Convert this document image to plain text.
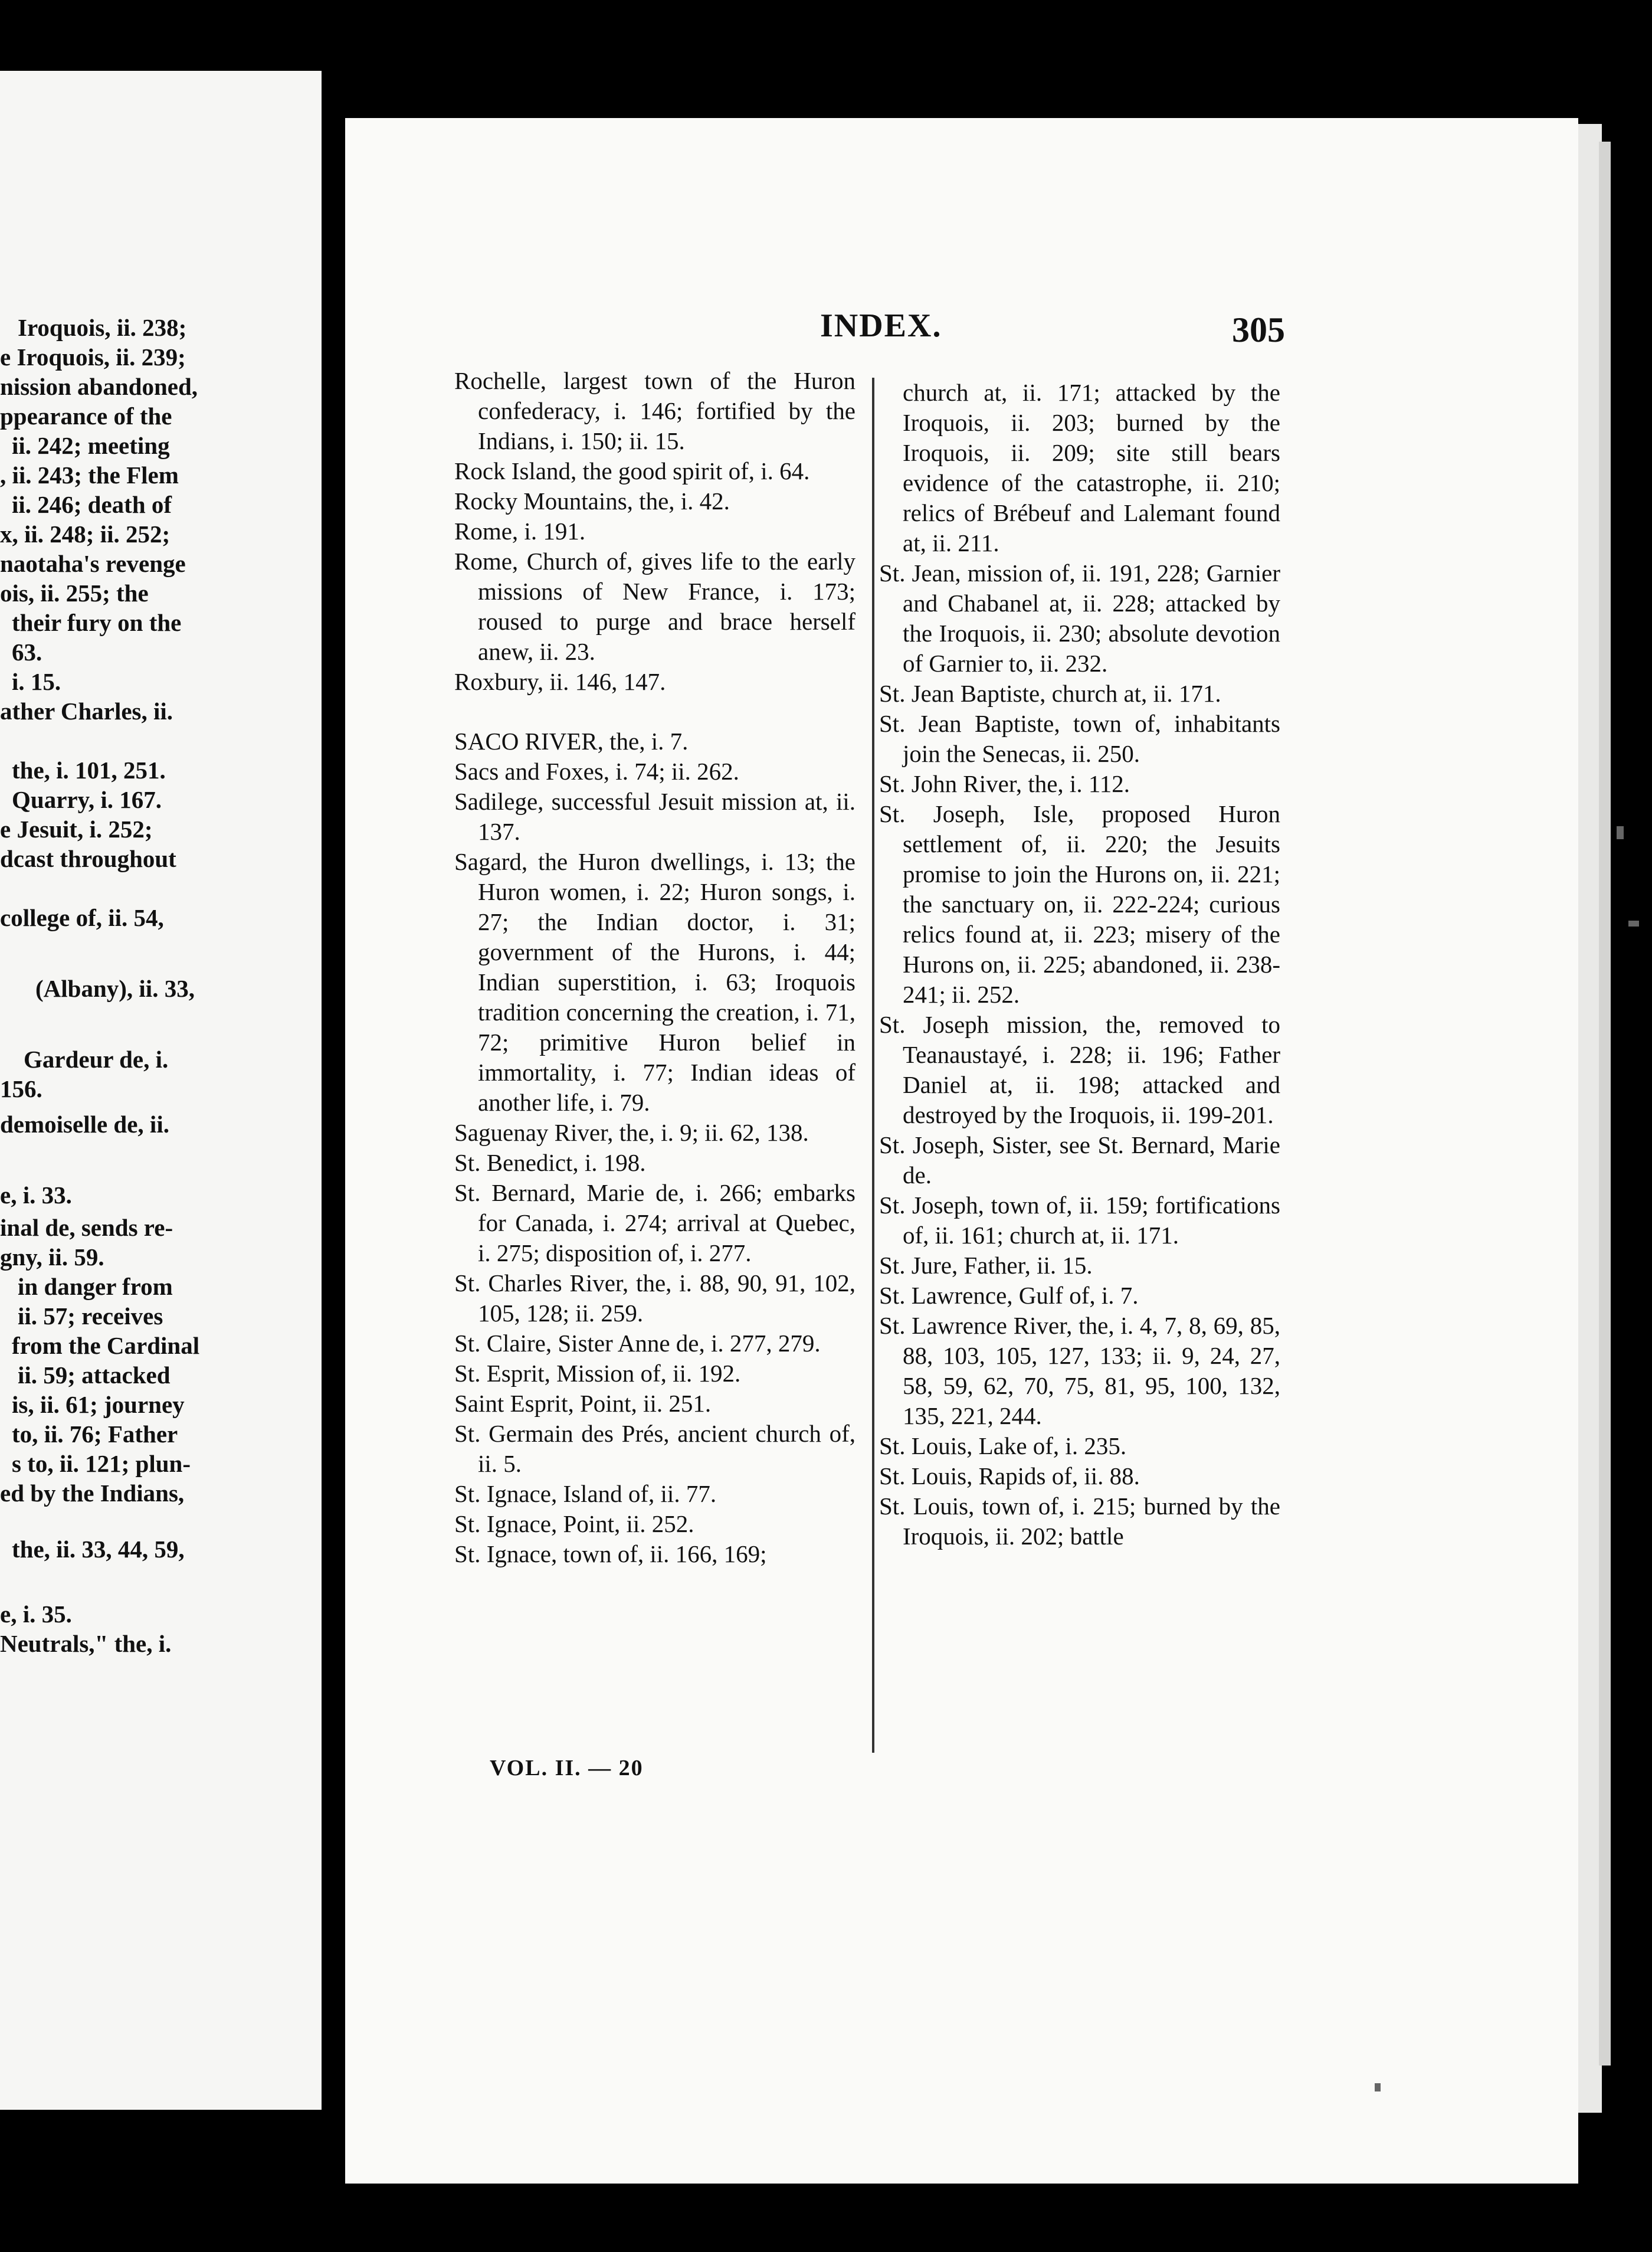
Iroquois, ii. 238;
e Iroquois, ii. 239;
nission abandoned,
ppearance of the
ii. 242; meeting
, ii. 243; the Flem
ii. 246; death of
x, ii. 248; ii. 252;
naotaha's revenge
ois, ii. 255; the
their fury on the
63.
i. 15.
ather Charles, ii.
the, i. 101, 251.
Quarry, i. 167.
e Jesuit, i. 252;
dcast throughout
college of, ii. 54,
(Albany), ii. 33,
Gardeur de, i.
156.
demoiselle de, ii.
e, i. 33.
inal de, sends re-
gny, ii. 59.
in danger from
ii. 57; receives
from the Cardinal
ii. 59; attacked
is, ii. 61; journey
to, ii. 76; Father
s to, ii. 121; plun-
ed by the Indians,
the, ii. 33, 44, 59,
e, i. 35.
Neutrals," the, i.
INDEX.	305
Rochelle, largest town of the Huron confederacy, i. 146; fortified by the Indians, i. 150; ii. 15.
Rock Island, the good spirit of, i. 64.
Rocky Mountains, the, i. 42.
Rome, i. 191.
Rome, Church of, gives life to the early missions of New France, i. 173; roused to purge and brace herself anew, ii. 23.
Roxbury, ii. 146, 147.
SACO RIVER, the, i. 7.
Sacs and Foxes, i. 74; ii. 262.
Sadilege, successful Jesuit mission at, ii. 137.
Sagard, the Huron dwellings, i. 13; the Huron women, i. 22; Huron songs, i. 27; the Indian doctor, i. 31; government of the Hurons, i. 44; Indian superstition, i. 63; Iroquois tradition concerning the creation, i. 71, 72; primitive Huron belief in immortality, i. 77; Indian ideas of another life, i. 79.
Saguenay River, the, i. 9; ii. 62, 138.
St. Benedict, i. 198.
St. Bernard, Marie de, i. 266; embarks for Canada, i. 274; arrival at Quebec, i. 275; disposition of, i. 277.
St. Charles River, the, i. 88, 90, 91, 102, 105, 128; ii. 259.
St. Claire, Sister Anne de, i. 277, 279.
St. Esprit, Mission of, ii. 192.
Saint Esprit, Point, ii. 251.
St. Germain des Prés, ancient church of, ii. 5.
St. Ignace, Island of, ii. 77.
St. Ignace, Point, ii. 252.
St. Ignace, town of, ii. 166, 169;
church at, ii. 171; attacked by the Iroquois, ii. 203; burned by the Iroquois, ii. 209; site still bears evidence of the catastrophe, ii. 210; relics of Brébeuf and Lalemant found at, ii. 211.
St. Jean, mission of, ii. 191, 228; Garnier and Chabanel at, ii. 228; attacked by the Iroquois, ii. 230; absolute devotion of Garnier to, ii. 232.
St. Jean Baptiste, church at, ii. 171.
St. Jean Baptiste, town of, inhabitants join the Senecas, ii. 250.
St. John River, the, i. 112.
St. Joseph, Isle, proposed Huron settlement of, ii. 220; the Jesuits promise to join the Hurons on, ii. 221; the sanctuary on, ii. 222-224; curious relics found at, ii. 223; misery of the Hurons on, ii. 225; abandoned, ii. 238-241; ii. 252.
St. Joseph mission, the, removed to Teanaustayé, i. 228; ii. 196; Father Daniel at, ii. 198; attacked and destroyed by the Iroquois, ii. 199-201.
St. Joseph, Sister, see St. Bernard, Marie de.
St. Joseph, town of, ii. 159; fortifications of, ii. 161; church at, ii. 171.
St. Jure, Father, ii. 15.
St. Lawrence, Gulf of, i. 7.
St. Lawrence River, the, i. 4, 7, 8, 69, 85, 88, 103, 105, 127, 133; ii. 9, 24, 27, 58, 59, 62, 70, 75, 81, 95, 100, 132, 135, 221, 244.
St. Louis, Lake of, i. 235.
St. Louis, Rapids of, ii. 88.
St. Louis, town of, i. 215; burned by the Iroquois, ii. 202; battle
VOL. II. — 20
